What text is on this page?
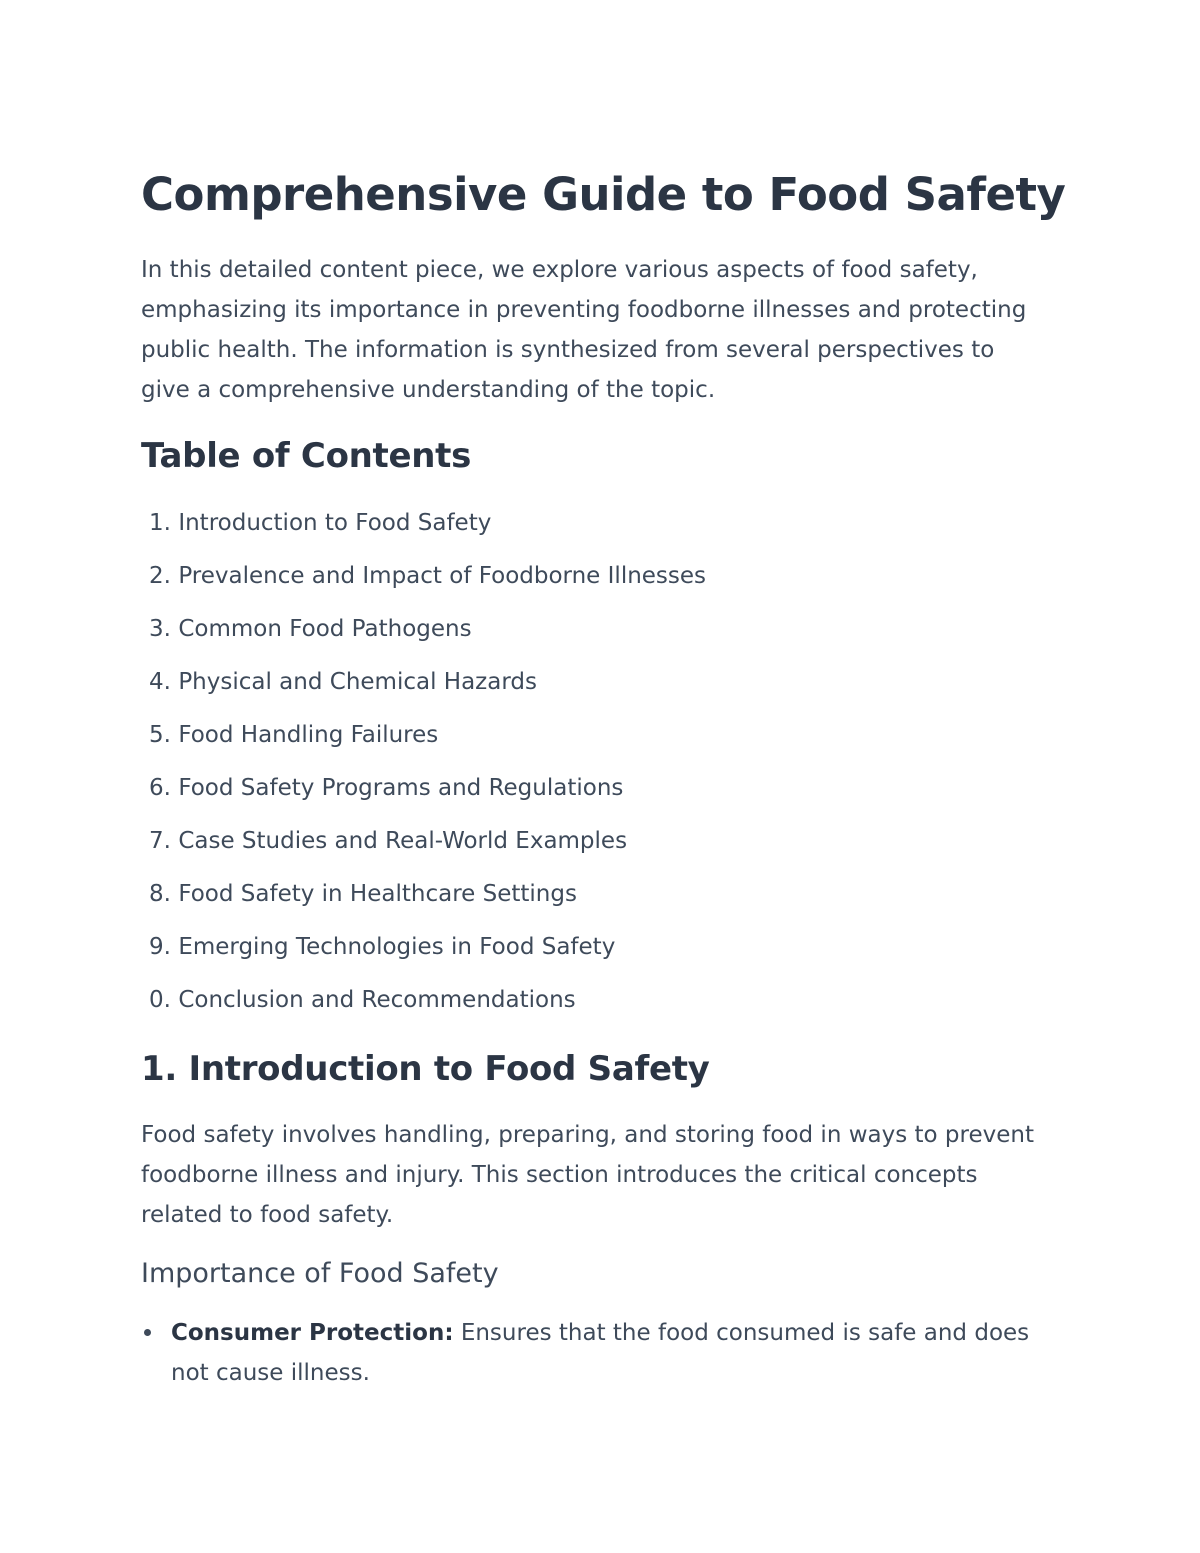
Comprehensive Guide to Food Safety

In this detailed content piece, we explore various aspects of food safety, emphasizing its importance in preventing foodborne illnesses and protecting public health. The information is synthesized from several perspectives to give a comprehensive understanding of the topic.

Table of Contents
1. Introduction to Food Safety
2. Prevalence and Impact of Foodborne Illnesses
3. Common Food Pathogens
4. Physical and Chemical Hazards
5. Food Handling Failures
6. Food Safety Programs and Regulations
7. Case Studies and Real-World Examples
8. Food Safety in Healthcare Settings
9. Emerging Technologies in Food Safety
0. Conclusion and Recommendations
1. Introduction to Food Safety

Food safety involves handling, preparing, and storing food in ways to prevent foodborne illness and injury. This section introduces the critical concepts related to food safety.

Importance of Food Safety
Consumer Protection: Ensures that the food consumed is safe and does not cause illness.
